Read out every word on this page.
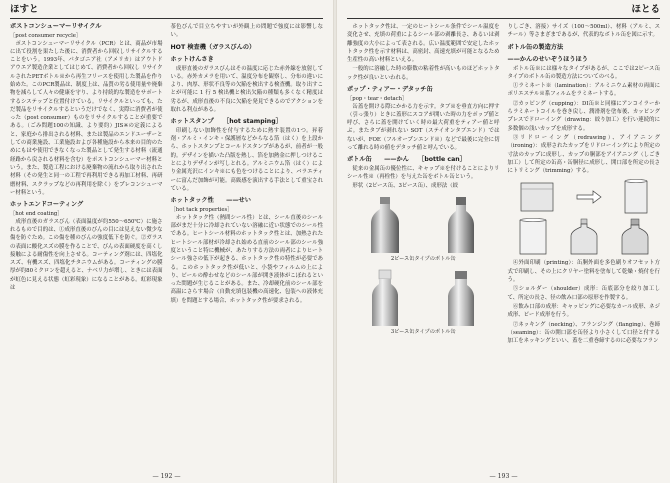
ほすと
ポストコンシューマーリサイクル
［post consumer recycle］

ポストコンシューマーリサイクル（PCR）とは、商品が市場に出て役割を果たした後に、消費者から回収しリサイクルすることをいう。1993年、パタゴニア社（アメリカ）はアウトドアウエア製造企業としてはじめて、消費者から回収し リサイクルされたPETボトル※から再生フリースを使用した製品を作り始めた。このPCR製品は、制度上は、品質の劣る使用量や廃棄物を減らして人々の健康を守り、より持続的な製造をサポートするシステップと位置付けている。リサイクルといっても、ただ製品をリサイクルするというだけでなく、実際に消費者が使った（post consumer）ものをリサイクルすることが重要である。（ごみ問題100の知識、より要約）JIS※の定義によると、家庭から排出される材料、または製品のエンドユーザーとしての商業施設、工業施設および各種施設から本来の目的のためにもはや使用できなくなった製品として発生する材料（流通経路から戻される材料を含む）をポストコンシューマー材料という。また、製造工程における廃棄物の流れから取り出された材料（その発生と同一の工程で再利用できる再加工材料、再研磨材料、スクラップなどの再利用を除く）をプレコンシューマー材料という。

ホットエンドコーティング
［hot end coating］

成形直後のガラスびん（表面温度が約550〜650℃）に施されるもので目的は、①成形直後のびんの目には見えない微少な傷を防ぐため。この傷を種のびんの強度低下を防ぐ。②ガラスの表面に酸化スズの膜を作ることで、びんの表面硬度を高くし接触による耐傷性を向上させる。コーティング剤には、四塩化スズ、有機スズ、四塩化チタニウムがある。コーティングの膜厚が約80ミクロンを超えると、ナベリ力が増し、ときには表面が虹色に見える状態（虹彩現象）になることがある。虹彩現象は

茶色びんで目立ちやすいが外観上の問題で強度には影響しない。

HOT 検査機（ガラスびんの）
ホットけんさき

成形直後のガラスびんはその温度に応じた赤外線を放射している。赤外カメラを用いて、温度分布を観察し、分布の違いにより、肉厚、形状不良等の欠陥を検出する検査機。取り出すことが可能に 1 行 5 検出機と検出欠陥の種類も多くなく精度は 劣るが、成形直後の不良に欠陥を発見できるのでアクションを取れる利点がある。

ホットスタンプ　　［hot stamping］

印刷しない加飾性を付与するために熱す装置の1つ。昇着剤・アルミ・インキ・保護層などからなる箔（はく）を上段から、ホットスタンプとコールドスタンプがあるが、前者が一般的。デザインを描いた凸版を熱し、箔を加熱金に押しつけることによりデザインが写しとれる。アルミニウム箔（はく）により金属光沢にインキ※にも色をつけることにより、バラエティーに富んだ加飾が可能。高級感を演出する手法として重宝されている。

ホットタック性　　——せい
［hot tack properties］

ホットタック性（熱間シール性）とは、シール直後のシール部がまだ十分に冷却されていない溶融に近い状態でのシール性である。ヒートシール材料のホットタック性とは、加熱されたヒートシール部材が冷却され始める直前のシール部のシール強度ということ特に機械が、あたりする方法の両者によりヒートシール強さの低下が起きる、ホットタック性の特性が必要である。このホットタック性が低いと、小袋やフィルムの上により、ビールの酔わせなどのシール部が開き液体がこぼれるといった問題が生じることがある。また、冷却硬化前のシール部を高温にさらす場合（自動充填包装機の高速化、包装への液体充填）を問題とする場合、ホットタック性が要求される。

— 192 —
ほとる

ホットタック性は、一定のヒートシール条件でシール温度を変化させ、充填の荷重によるシール部の剥離長さ、あるいは剥離強度の大小によって表される。広い温度範囲で安定したホットタック性を示す材料は、高密封、高速充填が可能となるため生産性の高い材料といえる。

一般的に溶融した時の膨数の粘着性が高いものほどホットタック性が良いといわれる。

ポップ・ティアー・デタッチ缶
［pop・tear・detach］

缶蓋を開ける際にかかる力を示す。タブ※を垂直方向に押す（引っ張り）ときに蓋形にスコアが開いた時の力をポップ値と呼び、さらに蓋を開けていく時の最大荷重をティアー値と呼ぶ。またタブが剥れない SOT（ステイオンタブエンド）ではないが、FOE（フルオープンエンド※）などで最後に完全に切って離れる時の値をデタッチ値と呼んでいる。

ボトル缶　　——かん　　［bottle can］

従来の金属缶の優位性に、キャップ※を付けることによりリシール性※（再栓性）を与えた缶をボトル缶という。

形状（2ピース缶、3ピース缶）、成形法（絞

2ピース缶タイプのボトル缶
3ピース缶タイプのボトル缶

りしごき、溶接）サイズ（100〜500ml）、材料（アルミ、スチール）等さまざまであるが、代表的なボトル缶を図に示す。

ボトル缶の製造方法
——かんのせいぞうほうほう

ボトル缶※には様々なタイプがあるが、ここでは2ピース缶タイプのボトル缶の製造方法についてのべる。

①ラミネート※（lamination）：アルミニウム素材の両面にポリエステル※系フィルムをラミネートする。

②カッピング（cupping）：DI缶※と同様にアンコイラーからラミネートコイルを巻き戻し、潤滑剤を塗布後、カッピングプレスでドローイング（drawing：絞り加工）を行い連続的に多数個の浅いカップを成形する。

③リドローイング（redrawing）、アイアニング（ironing）：成形されたカップをリドローイングにより所定の寸法のカップに成形し、カップの胴部をアイアニング（しごき加工）して所定の缶高・缶胴径に成形し、開口部を所定の長さにトリミング（trimming）する。

④外面印刷（printing）：缶胴外面を多色刷りオフセット方式で印刷し、その上にクリヤー塗料を塗布して乾燥・焼付を行う。

⑤ショルダー（shoulder）成形：缶底部分を絞り加工して、所定の長さ、径の飲み口部の原形を作製する。

⑥飲み口部の成形：キャッピングに必要なカール成形、ネジ成形、ビード成形を行う。

⑦ネッキング（necking）、フランジング（flanging）、巻締（seaming）：缶の開口部を缶径より小さくして口径と付する加工をネッキングといい、蓋を二重巻締するのに必要なフラン

— 193 —
